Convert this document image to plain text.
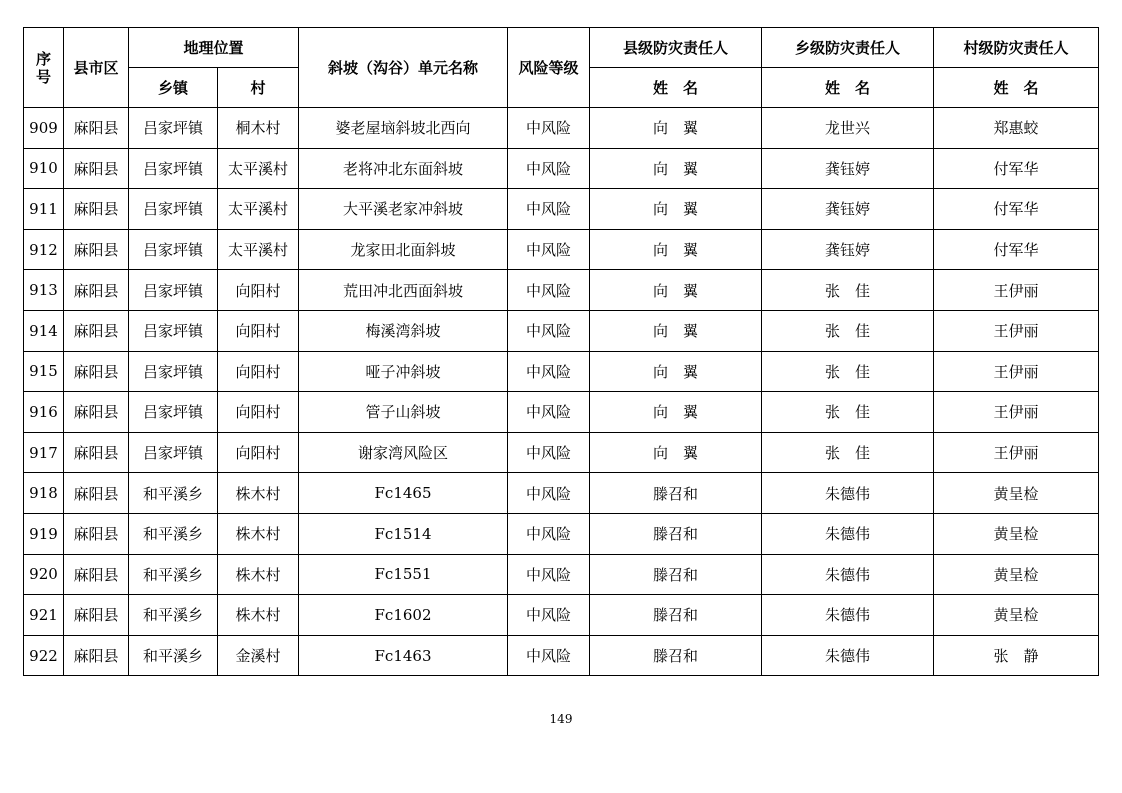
序
号	县市区	地理位置		斜坡（沟谷）单元名称	风险等级	县级防灾责任人	乡级防灾责任人	村级防灾责任人
		乡镇	村			姓　名	姓　名	姓　名
909	麻阳县	吕家坪镇	桐木村	婆老屋垴斜坡北西向	中风险	向　翼	龙世兴	郑惠蛟
910	麻阳县	吕家坪镇	太平溪村	老将冲北东面斜坡	中风险	向　翼	龚钰婷	付军华
911	麻阳县	吕家坪镇	太平溪村	大平溪老家冲斜坡	中风险	向　翼	龚钰婷	付军华
912	麻阳县	吕家坪镇	太平溪村	龙家田北面斜坡	中风险	向　翼	龚钰婷	付军华
913	麻阳县	吕家坪镇	向阳村	荒田冲北西面斜坡	中风险	向　翼	张　佳	王伊丽
914	麻阳县	吕家坪镇	向阳村	梅溪湾斜坡	中风险	向　翼	张　佳	王伊丽
915	麻阳县	吕家坪镇	向阳村	哑子冲斜坡	中风险	向　翼	张　佳	王伊丽
916	麻阳县	吕家坪镇	向阳村	管子山斜坡	中风险	向　翼	张　佳	王伊丽
917	麻阳县	吕家坪镇	向阳村	谢家湾风险区	中风险	向　翼	张　佳	王伊丽
918	麻阳县	和平溪乡	株木村	Fc1465	中风险	滕召和	朱德伟	黄呈检
919	麻阳县	和平溪乡	株木村	Fc1514	中风险	滕召和	朱德伟	黄呈检
920	麻阳县	和平溪乡	株木村	Fc1551	中风险	滕召和	朱德伟	黄呈检
921	麻阳县	和平溪乡	株木村	Fc1602	中风险	滕召和	朱德伟	黄呈检
922	麻阳县	和平溪乡	金溪村	Fc1463	中风险	滕召和	朱德伟	张　静
149
